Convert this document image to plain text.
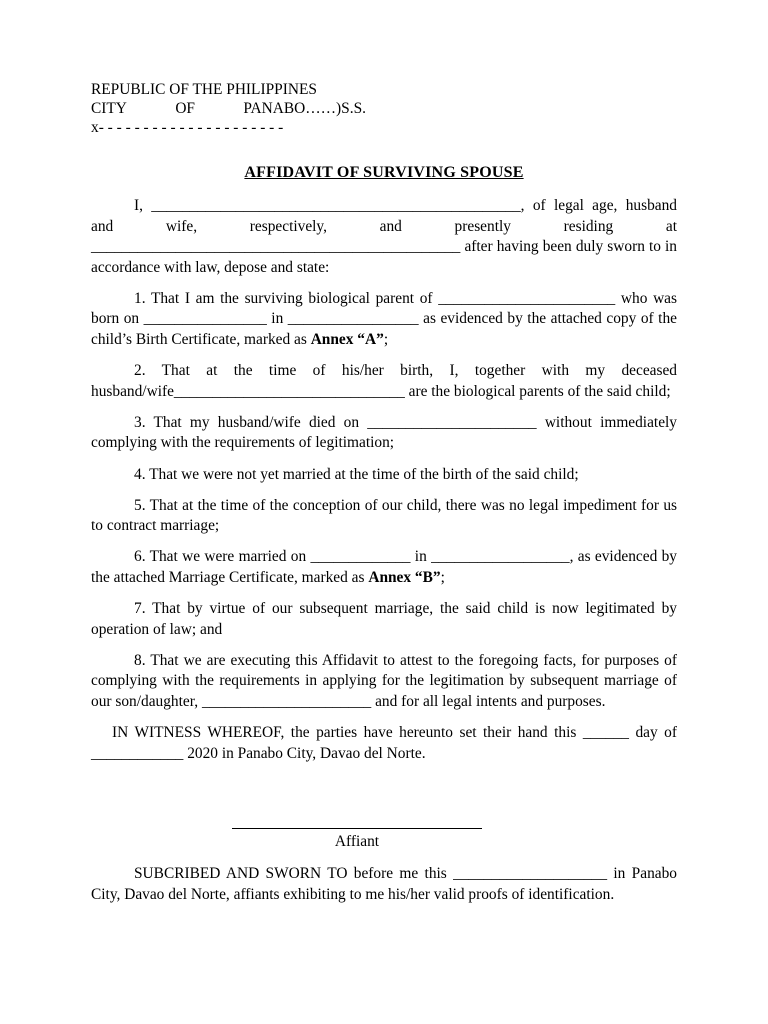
REPUBLIC OF THE PHILIPPINES
CITY	OF	PANABO……)S.S.
x- - - - - - - - - - - - - - - - - - - - -
AFFIDAVIT OF SURVIVING SPOUSE

I, ________________________________________________, of legal age, husband and wife, respectively, and presently residing at ________________________________________________ after having been duly sworn to in accordance with law, depose and state:

1. That I am the surviving biological parent of _______________________ who was born on ________________ in _________________ as evidenced by the attached copy of the child’s Birth Certificate, marked as Annex “A”;

2. That at the time of his/her birth, I, together with my deceased husband/wife______________________________ are the biological parents of the said child;

3. That my husband/wife died on ______________________ without immediately complying with the requirements of legitimation;

4. That we were not yet married at the time of the birth of the said child;

5. That at the time of the conception of our child, there was no legal impediment for us to contract marriage;

6. That we were married on _____________ in __________________, as evidenced by the attached Marriage Certificate, marked as Annex “B”;

7. That by virtue of our subsequent marriage, the said child is now legitimated by operation of law; and

8. That we are executing this Affidavit to attest to the foregoing facts, for purposes of complying with the requirements in applying for the legitimation by subsequent marriage of our son/daughter, ______________________ and for all legal intents and purposes.

IN WITNESS WHEREOF, the parties have hereunto set their hand this ______ day of ____________ 2020 in Panabo City, Davao del Norte.

Affiant

SUBCRIBED AND SWORN TO before me this ____________________ in Panabo City, Davao del Norte, affiants exhibiting to me his/her valid proofs of identification.
